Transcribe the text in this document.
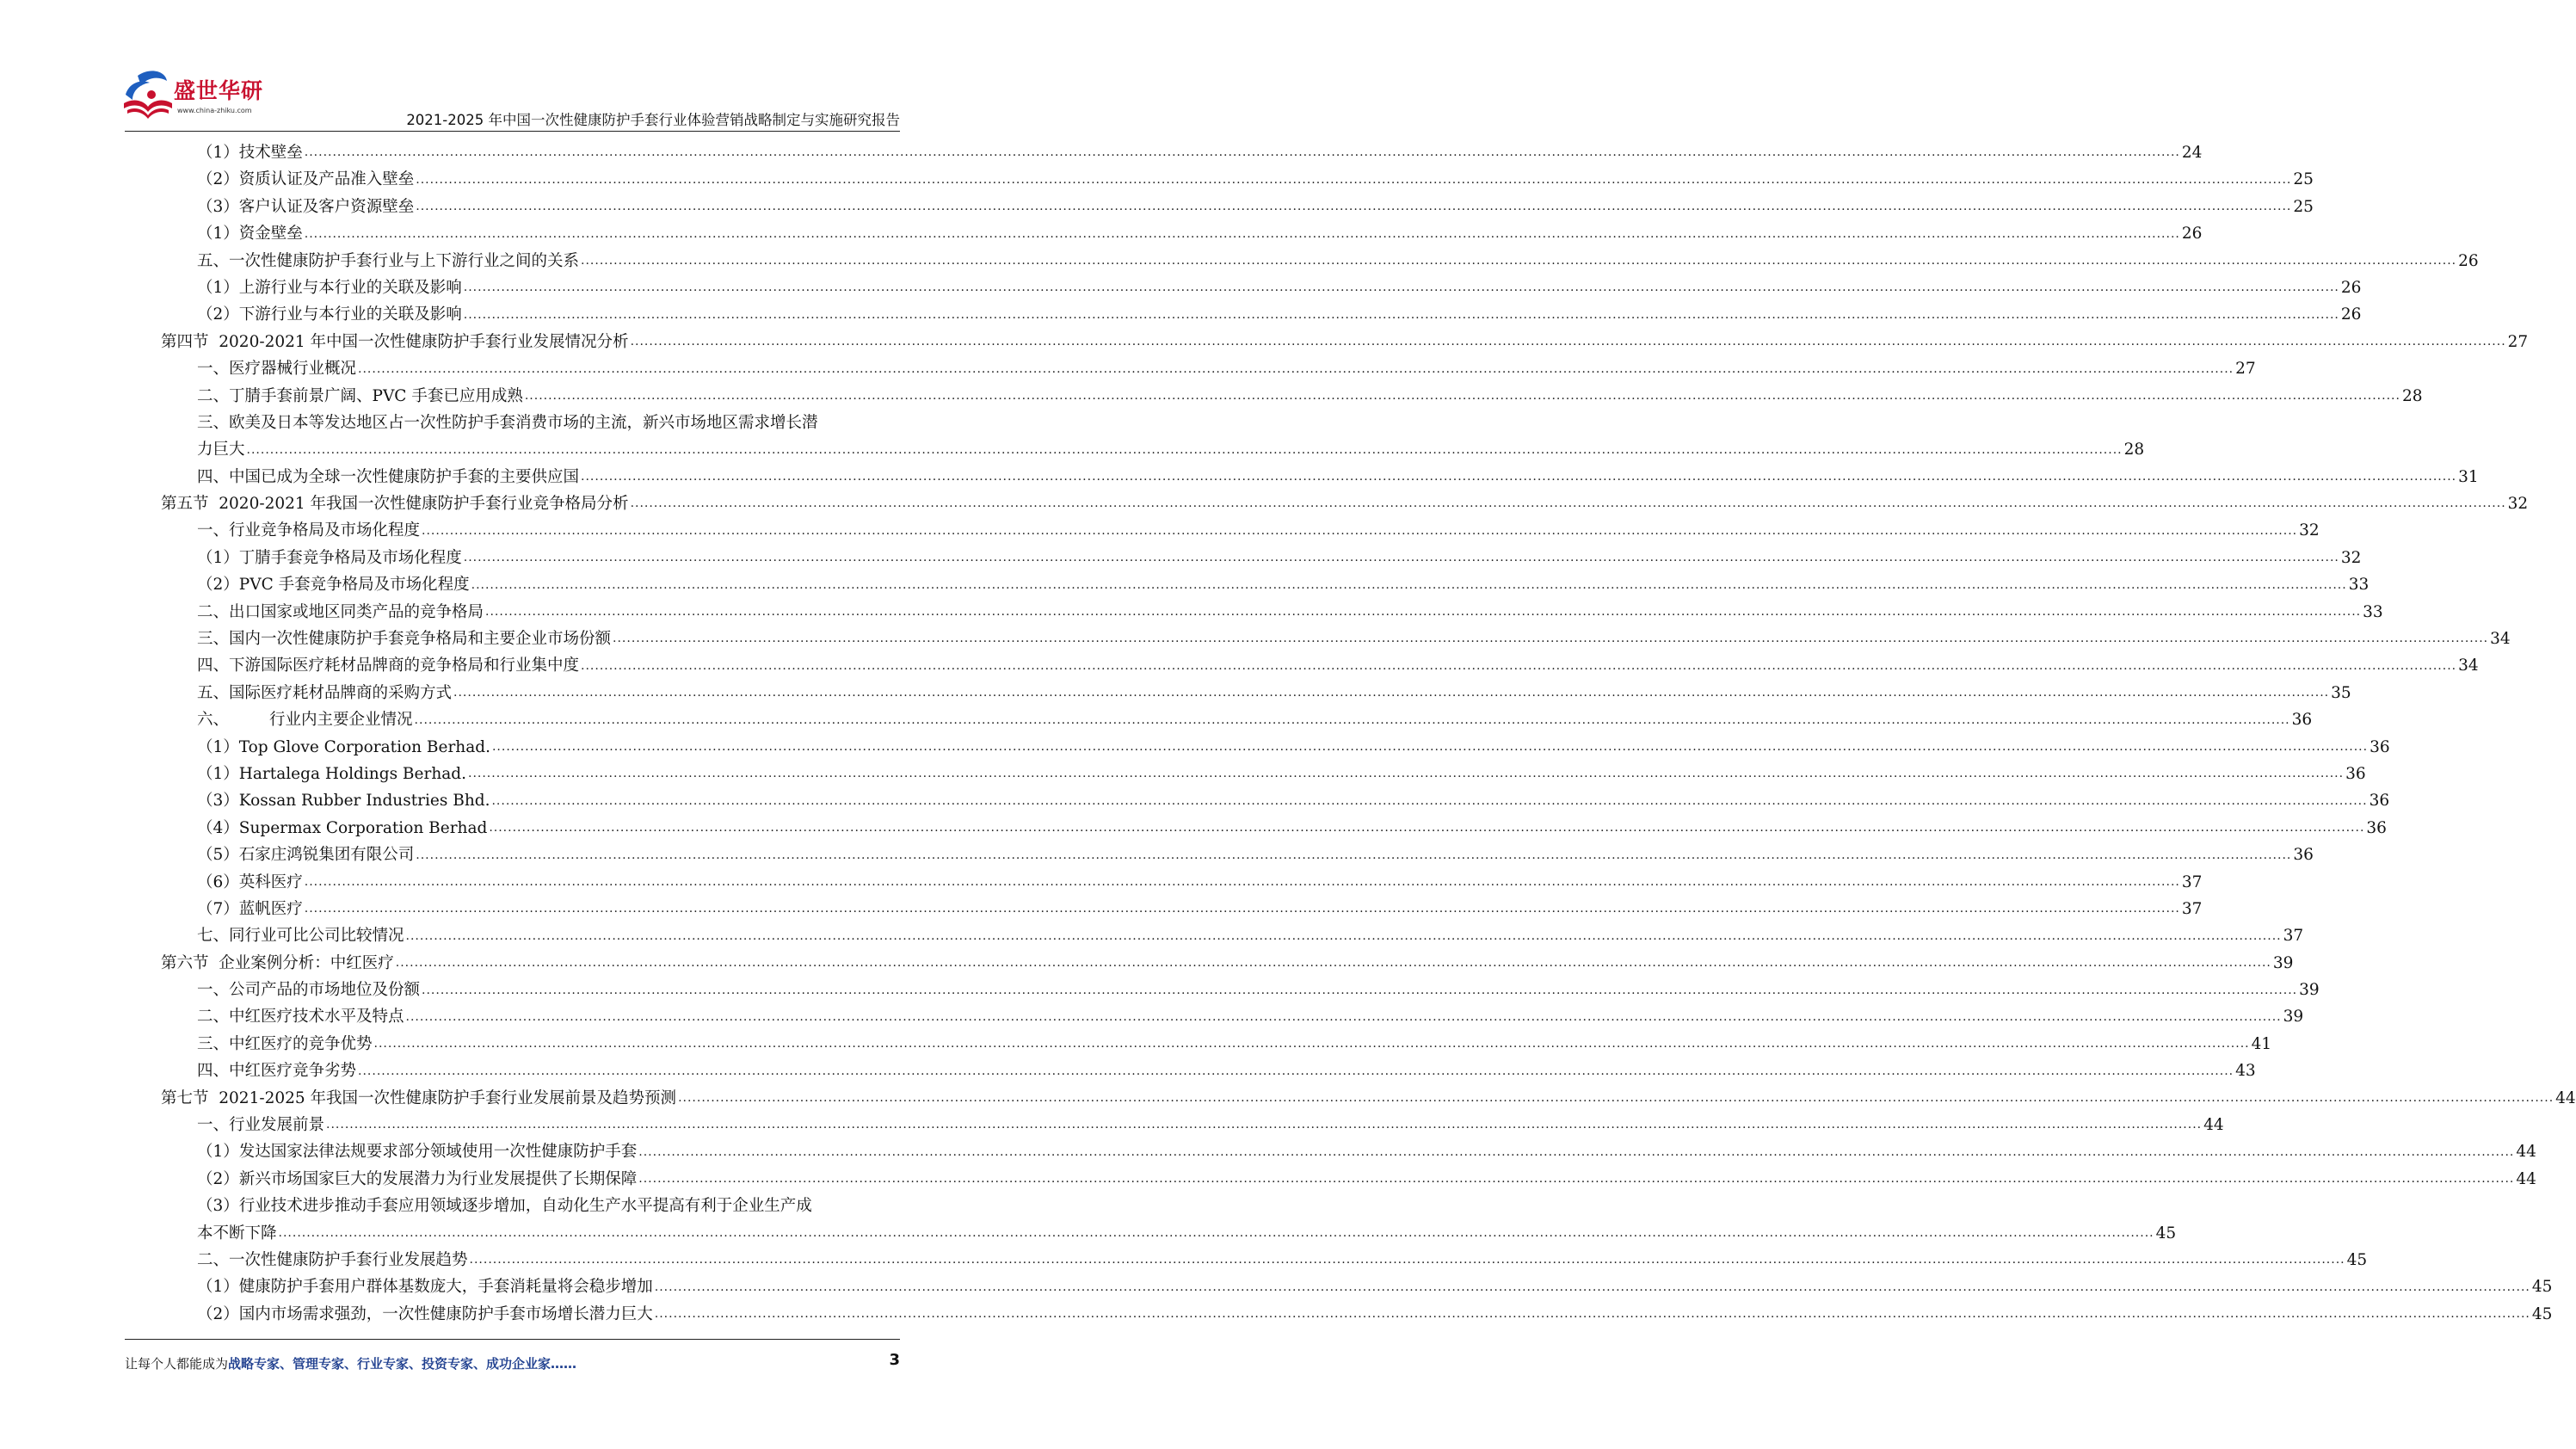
盛世华研
www.china-zhiku.com
2021-2025 年中国一次性健康防护手套行业体验营销战略制定与实施研究报告
（1）技术壁垒 ................................................................................................................................................................................................................................................................................................................................................................................................................ 24
（2）资质认证及产品准入壁垒 ................................................................................................................................................................................................................................................................................................................................................................................................................ 25
（3）客户认证及客户资源壁垒 ................................................................................................................................................................................................................................................................................................................................................................................................................ 25
（1）资金壁垒 ................................................................................................................................................................................................................................................................................................................................................................................................................ 26
五、一次性健康防护手套行业与上下游行业之间的关系 ................................................................................................................................................................................................................................................................................................................................................................................................................ 26
（1）上游行业与本行业的关联及影响 ................................................................................................................................................................................................................................................................................................................................................................................................................ 26
（2）下游行业与本行业的关联及影响 ................................................................................................................................................................................................................................................................................................................................................................................................................ 26
第四节  2020-2021 年中国一次性健康防护手套行业发展情况分析 ................................................................................................................................................................................................................................................................................................................................................................................................................ 27
一、医疗器械行业概况 ................................................................................................................................................................................................................................................................................................................................................................................................................ 27
二、丁腈手套前景广阔、PVC 手套已应用成熟 ................................................................................................................................................................................................................................................................................................................................................................................................................ 28
三、欧美及日本等发达地区占一次性防护手套消费市场的主流，新兴市场地区需求增长潜
力巨大 ................................................................................................................................................................................................................................................................................................................................................................................................................ 28
四、中国已成为全球一次性健康防护手套的主要供应国 ................................................................................................................................................................................................................................................................................................................................................................................................................ 31
第五节  2020-2021 年我国一次性健康防护手套行业竞争格局分析 ................................................................................................................................................................................................................................................................................................................................................................................................................ 32
一、行业竞争格局及市场化程度 ................................................................................................................................................................................................................................................................................................................................................................................................................ 32
（1）丁腈手套竞争格局及市场化程度 ................................................................................................................................................................................................................................................................................................................................................................................................................ 32
（2）PVC 手套竞争格局及市场化程度 ................................................................................................................................................................................................................................................................................................................................................................................................................ 33
二、出口国家或地区同类产品的竞争格局 ................................................................................................................................................................................................................................................................................................................................................................................................................ 33
三、国内一次性健康防护手套竞争格局和主要企业市场份额 ................................................................................................................................................................................................................................................................................................................................................................................................................ 34
四、下游国际医疗耗材品牌商的竞争格局和行业集中度 ................................................................................................................................................................................................................................................................................................................................................................................................................ 34
五、国际医疗耗材品牌商的采购方式 ................................................................................................................................................................................................................................................................................................................................................................................................................ 35
六、        行业内主要企业情况 ................................................................................................................................................................................................................................................................................................................................................................................................................ 36
（1）Top Glove Corporation Berhad. ................................................................................................................................................................................................................................................................................................................................................................................................................ 36
（1）Hartalega Holdings Berhad. ................................................................................................................................................................................................................................................................................................................................................................................................................ 36
（3）Kossan Rubber Industries Bhd. ................................................................................................................................................................................................................................................................................................................................................................................................................ 36
（4）Supermax Corporation Berhad ................................................................................................................................................................................................................................................................................................................................................................................................................ 36
（5）石家庄鸿锐集团有限公司 ................................................................................................................................................................................................................................................................................................................................................................................................................ 36
（6）英科医疗 ................................................................................................................................................................................................................................................................................................................................................................................................................ 37
（7）蓝帆医疗 ................................................................................................................................................................................................................................................................................................................................................................................................................ 37
七、同行业可比公司比较情况 ................................................................................................................................................................................................................................................................................................................................................................................................................ 37
第六节  企业案例分析：中红医疗 ................................................................................................................................................................................................................................................................................................................................................................................................................ 39
一、公司产品的市场地位及份额 ................................................................................................................................................................................................................................................................................................................................................................................................................ 39
二、中红医疗技术水平及特点 ................................................................................................................................................................................................................................................................................................................................................................................................................ 39
三、中红医疗的竞争优势 ................................................................................................................................................................................................................................................................................................................................................................................................................ 41
四、中红医疗竞争劣势 ................................................................................................................................................................................................................................................................................................................................................................................................................ 43
第七节  2021-2025 年我国一次性健康防护手套行业发展前景及趋势预测 ................................................................................................................................................................................................................................................................................................................................................................................................................ 44
一、行业发展前景 ................................................................................................................................................................................................................................................................................................................................................................................................................ 44
（1）发达国家法律法规要求部分领域使用一次性健康防护手套 ................................................................................................................................................................................................................................................................................................................................................................................................................ 44
（2）新兴市场国家巨大的发展潜力为行业发展提供了长期保障 ................................................................................................................................................................................................................................................................................................................................................................................................................ 44
（3）行业技术进步推动手套应用领域逐步增加，自动化生产水平提高有利于企业生产成
本不断下降 ................................................................................................................................................................................................................................................................................................................................................................................................................ 45
二、一次性健康防护手套行业发展趋势 ................................................................................................................................................................................................................................................................................................................................................................................................................ 45
（1）健康防护手套用户群体基数庞大，手套消耗量将会稳步增加 ................................................................................................................................................................................................................................................................................................................................................................................................................ 45
（2）国内市场需求强劲，一次性健康防护手套市场增长潜力巨大 ................................................................................................................................................................................................................................................................................................................................................................................................................ 45
让每个人都能成为战略专家、管理专家、行业专家、投资专家、成功企业家……	3
